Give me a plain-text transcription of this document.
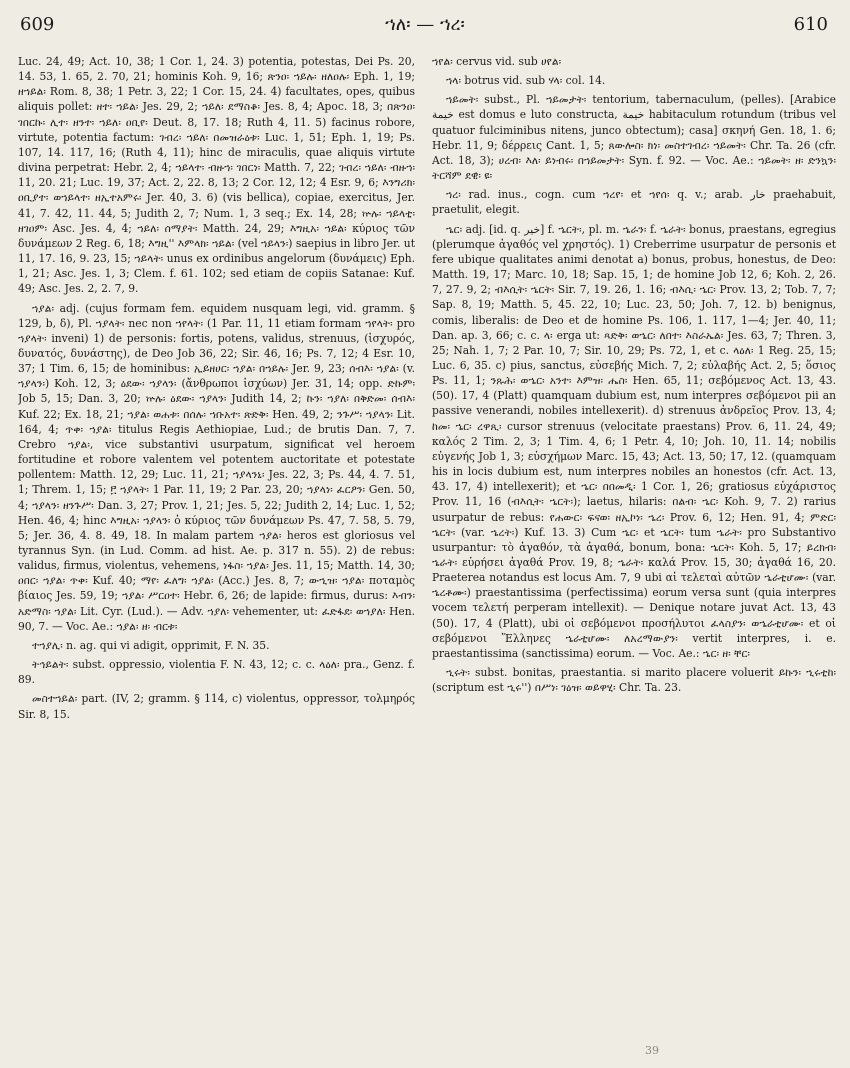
609	ኀለ፡ — ኀረ፡	610

Luc. 24, 49; Act. 10, 38; 1 Cor. 1, 24. 3) potentia, potestas, Dei Ps. 20, 14. 53, 1. 65, 2. 70, 21; hominis Koh. 9, 16; ጽንዐ፡ ኀይሉ፡ ዘለዐሉ፡ Eph. 1, 19; ዘኀይል፡ Rom. 8, 38; 1 Petr. 3, 22; 1 Cor. 15, 24. 4) facultates, opes, quibus aliquis pollet: ዘተ፡ ኀይል፡ Jes. 29, 2; ኀይለ፡ ደማስቆ፡ Jes. 8, 4; Apoc. 18, 3; በጽንዐ፡ ገበርኩ፡ ሊተ፡ ዘንተ፡ ኀይለ፡ ዐቢየ፡ Deut. 8, 17. 18; Ruth 4, 11. 5) facinus robore, virtute, potentia factum: ገብረ፡ ኀይለ፡ በመዝራዕቱ፡ Luc. 1, 51; Eph. 1, 19; Ps. 107, 14. 117, 16; (Ruth 4, 11); hinc de miraculis, quae aliquis virtute divina perpetrat: Hebr. 2, 4; ኀይላተ፡ ብዙኀ፡ ገበርነ፡ Matth. 7, 22; ገብረ፡ ኀይለ፡ ብዙኀ፡ 11, 20. 21; Luc. 19, 37; Act. 2, 22. 8, 13; 2 Cor. 12, 12; 4 Esr. 9, 6; እንግሪክ፡ ዐቢያተ፡ ወኀይላተ፡ ዘኢተአምሩ፡ Jer. 40, 3. 6) (vis bellica), copiae, exercitus, Jer. 41, 7. 42, 11. 44, 5; Judith 2, 7; Num. 1, 3 seq.; Ex. 14, 28; ኵሉ፡ ኀይላቲ፡ ዘገዐም፡ Asc. Jes. 4, 4; ኀይለ፡ ሰማያት፡ Matth. 24, 29; እግዚአ፡ ኀይል፡ κύριος τῶν δυνάμεων 2 Reg. 6, 18; እግዚ'' እምላክ፡ ኀይል፡ (vel ኀይላን፡) saepius in libro Jer. ut 11, 17. 16, 9. 23, 15; ኀይላት፡ unus ex ordinibus angelorum (δυνάμεις) Eph. 1, 21; Asc. Jes. 1, 3; Clem. f. 61. 102; sed etiam de copiis Satanae: Kuf. 49; Asc. Jes. 2, 2. 7, 9.

ኀያል፡ adj. (cujus formam fem. equidem nusquam legi, vid. gramm. § 129, b, δ), Pl. ኀያላት፡ nec non ኀየላት፡ (1 Par. 11, 11 etiam formam ኀየላት፡ pro ኀያላት፡ inveni) 1) de personis: fortis, potens, validus, strenuus, (ἰσχυρός, δυνατός, δυνάστης), de Deo Job 36, 22; Sir. 46, 16; Ps. 7, 12; 4 Esr. 10, 37; 1 Tim. 6, 15; de hominibus: ኢይዘሀር፡ ኀያል፡ በኀይሉ፡ Jer. 9, 23; ሰብእ፡ ኀያል፡ (v. ኀያላን፡) Koh. 12, 3; ዕደው፡ ኀያላን፡ (ἄνθρωποι ἰσχύων) Jer. 31, 14; opp. ድኩም፡ Job 5, 15; Dan. 3, 20; ኵሉ፡ ዕደው፡ ኀያላን፡ Judith 14, 2; ኩን፡ ኀያለ፡ በቅድመ፡ ሰብእ፡ Kuf. 22; Ex. 18, 21; ኀያል፡ ወሐቱ፡ በሰሉ፡ ኀቡአተ፡ ጽድቅ፡ Hen. 49, 2; ንጉሥ፡ ኀያላን፡ Lit. 164, 4; ጥቀ፡ ኀያል፡ titulus Regis Aethiopiae, Lud.; de brutis Dan. 7, 7. Crebro ኀያል፡, vice substantivi usurpatum, significat vel heroem fortitudine et robore valentem vel potentem auctoritate et potestate pollentem: Matth. 12, 29; Luc. 11, 21; ኀያላንኒ፡ Jes. 22, 3; Ps. 44, 4. 7. 51, 1; Threm. 1, 15; ፫ ኀያላት፡ 1 Par. 11, 19; 2 Par. 23, 20; ኀያላነ፡ ፈርዖን፡ Gen. 50, 4; ኀያላን፡ ዘንጉሥ፡ Dan. 3, 27; Prov. 1, 21; Jes. 5, 22; Judith 2, 14; Luc. 1, 52; Hen. 46, 4; hinc እግዚአ፡ ኀያላን፡ ὁ κύριος τῶν δυνάμεων Ps. 47, 7. 58, 5. 79, 5; Jer. 36, 4. 8. 49, 18. In malam partem ኀያል፡ heros est gloriosus vel tyrannus Syn. (in Lud. Comm. ad hist. Ae. p. 317 n. 55). 2) de rebus: validus, firmus, violentus, vehemens, ነፋስ፡ ኀያል፡ Jes. 11, 15; Matth. 14, 30; ዐበር፡ ኀያል፡ ጥቀ፡ Kuf. 40; ማየ፡ ፈለግ፡ ኀያል፡ (Acc.) Jes. 8, 7; ውኂዝ፡ ኀያል፡ ποταμὸς βίαιος Jes. 59, 19; ኀያል፡ ሥርዐተ፡ Hebr. 6, 26; de lapide: firmus, durus: እብን፡ አድማስ፡ ኀያል፡ Lit. Cyr. (Lud.). — Adv. ኀያለ፡ vehementer, ut: ፈድፋደ፡ ወኀያለ፡ Hen. 90, 7. — Voc. Ae.: ኀያል፡ ዘ፡ ብርቱ፡

ተኀያሊ፡ n. ag. qui vi adigit, opprimit, F. N. 35.

ትኅይልት፡ subst. oppressio, violentia F. N. 43, 12; c. c. ላዕለ፡ pra., Genz. f. 89.

መስተኀይል፡ part. (IV, 2; gramm. § 114, c) violentus, oppressor, τολμηρός Sir. 8, 15.

ኀየል፡ cervus vid. sub ሀየል፡

ኀላ፡ botrus vid. sub ሃላ፡ col. 14.

ኀይመት፡ subst., Pl. ኀይመታት፡ tentorium, tabernaculum, (pelles). [Arabice خيمة est domus e luto constructa, خيمة habitaculum rotundum (tribus vel quatuor fulciminibus nitens, junco obtectum); casa] σκηνή Gen. 18, 1. 6; Hebr. 11, 9; δέρρεις Cant. 1, 5; ጸውሎስ፡ ክነ፡ መስተገብረ፡ ኀይመት፡ Chr. Ta. 26 (cfr. Act. 18, 3); ሀረብ፡ እለ፡ ይነብሩ፡ በኀይመታት፡ Syn. f. 92. — Voc. Ae.: ኀይመት፡ ዘ፡ ድንኳን፡ ትርሻም ደዊ፡ ዩ፡

ኀረ፡ rad. inus., cogn. cum ኀረየ፡ et ኀየሰ፡ q. v.; arab. خار praehabuit, praetulit, elegit.

ኄር፡ adj. [id. q. خير] f. ኄርት፡, pl. m. ኄራን፡ f. ኄራት፡ bonus, praestans, egregius (plerumque ἀγαθός vel χρηστός). 1) Creberrime usurpatur de personis et fere ubique qualitates animi denotat a) bonus, probus, honestus, de Deo: Matth. 19, 17; Marc. 10, 18; Sap. 15, 1; de homine Job 12, 6; Koh. 2, 26. 7, 27. 9, 2; ብእሲት፡ ኄርት፡ Sir. 7, 19. 26, 1. 16; ብእሲ፡ ኄር፡ Prov. 13, 2; Tob. 7, 7; Sap. 8, 19; Matth. 5, 45. 22, 10; Luc. 23, 50; Joh. 7, 12. b) benignus, comis, liberalis: de Deo et de homine Ps. 106, 1. 117, 1—4; Jer. 40, 11; Dan. ap. 3, 66; c. c. ላ፡ erga ut: ጻድቅ፡ ወኄር፡ ለበተ፡ እስራኤል፡ Jes. 63, 7; Thren. 3, 25; Nah. 1, 7; 2 Par. 10, 7; Sir. 10, 29; Ps. 72, 1, et c. ላዕለ፡ 1 Reg. 25, 15; Luc. 6, 35. c) pius, sanctus, εὐσεβής Mich. 7, 2; εὐλαβής Act. 2, 5; ὅσιος Ps. 11, 1; ንጹሕ፡ ወኄር፡ አንተ፡ እምዝ፡ ሔስ፡ Hen. 65, 11; σεβόμενος Act. 13, 43. (50). 17, 4 (Platt) quamquam dubium est, num interpres σεβόμενοι pii an passive venerandi, nobiles intellexerit). d) strenuus ἀνδρεῖος Prov. 13, 4; ከመ፡ ኄር፡ ረዋጺ፡ cursor strenuus (velocitate praestans) Prov. 6, 11. 24, 49; καλός 2 Tim. 2, 3; 1 Tim. 4, 6; 1 Petr. 4, 10; Joh. 10, 11. 14; nobilis εὐγενής Job 1, 3; εὐσχήμων Marc. 15, 43; Act. 13, 50; 17, 12. (quamquam his in locis dubium est, num interpres nobiles an honestos (cfr. Act. 13, 43. 17, 4) intellexerit); et ኄር፡ በበመዲ፡ 1 Cor. 1, 26; gratiosus εὐχάριστος Prov. 11, 16 (ብእሲት፡ ኄርት፡); laetus, hilaris: በልብ፡ ኄር፡ Koh. 9, 7. 2) rarius usurpatur de rebus: የሐውር፡ ፍናወ፡ ዘኢኮነ፡ ኄረ፡ Prov. 6, 12; Hen. 91, 4; ምድር፡ ኄርት፡ (var. ኄረት፡) Kuf. 13. 3) Cum ኄር፡ et ኄርት፡ tum ኄራት፡ pro Substantivo usurpantur: τὸ ἀγαθόν, τὰ ἀγαθά, bonum, bona: ኄርት፡ Koh. 5, 17; ይረክብ፡ ኄራት፡ εὑρήσει ἀγαθά Prov. 19, 8; ኄራት፡ καλά Prov. 15, 30; ἀγαθά 16, 20. Praeterea notandus est locus Am. 7, 9 ubi αἱ τελεταὶ αὐτῶν ኄራቲሆሙ፡ (var. ኄረቶሙ፡) praestantissima (perfectissima) eorum versa sunt (quia interpres vocem τελετή perperam intellexit). — Denique notare juvat Act. 13, 43 (50). 17, 4 (Platt), ubi οἱ σεβόμενοι προσήλυτοι ፈላስያን፡ ወኄራቲሆሙ፡ et οἱ σεβόμενοι Ἕλληνες ኄራቲሆሙ፡ ለአረማውያን፡ vertit interpres, i. e. praestantissima (sanctissima) eorum. — Voc. Ae.: ኄር፡ ዘ፡ ቸር፡

ኂሩት፡ subst. bonitas, praestantia. si marito placere voluerit ይኩን፡ ኂሩቲከ፡ (scriptum est ኂሩ'') በሥነ፡ ገዕዝ፡ ወይዋሂ፡ Chr. Ta. 23.

39
